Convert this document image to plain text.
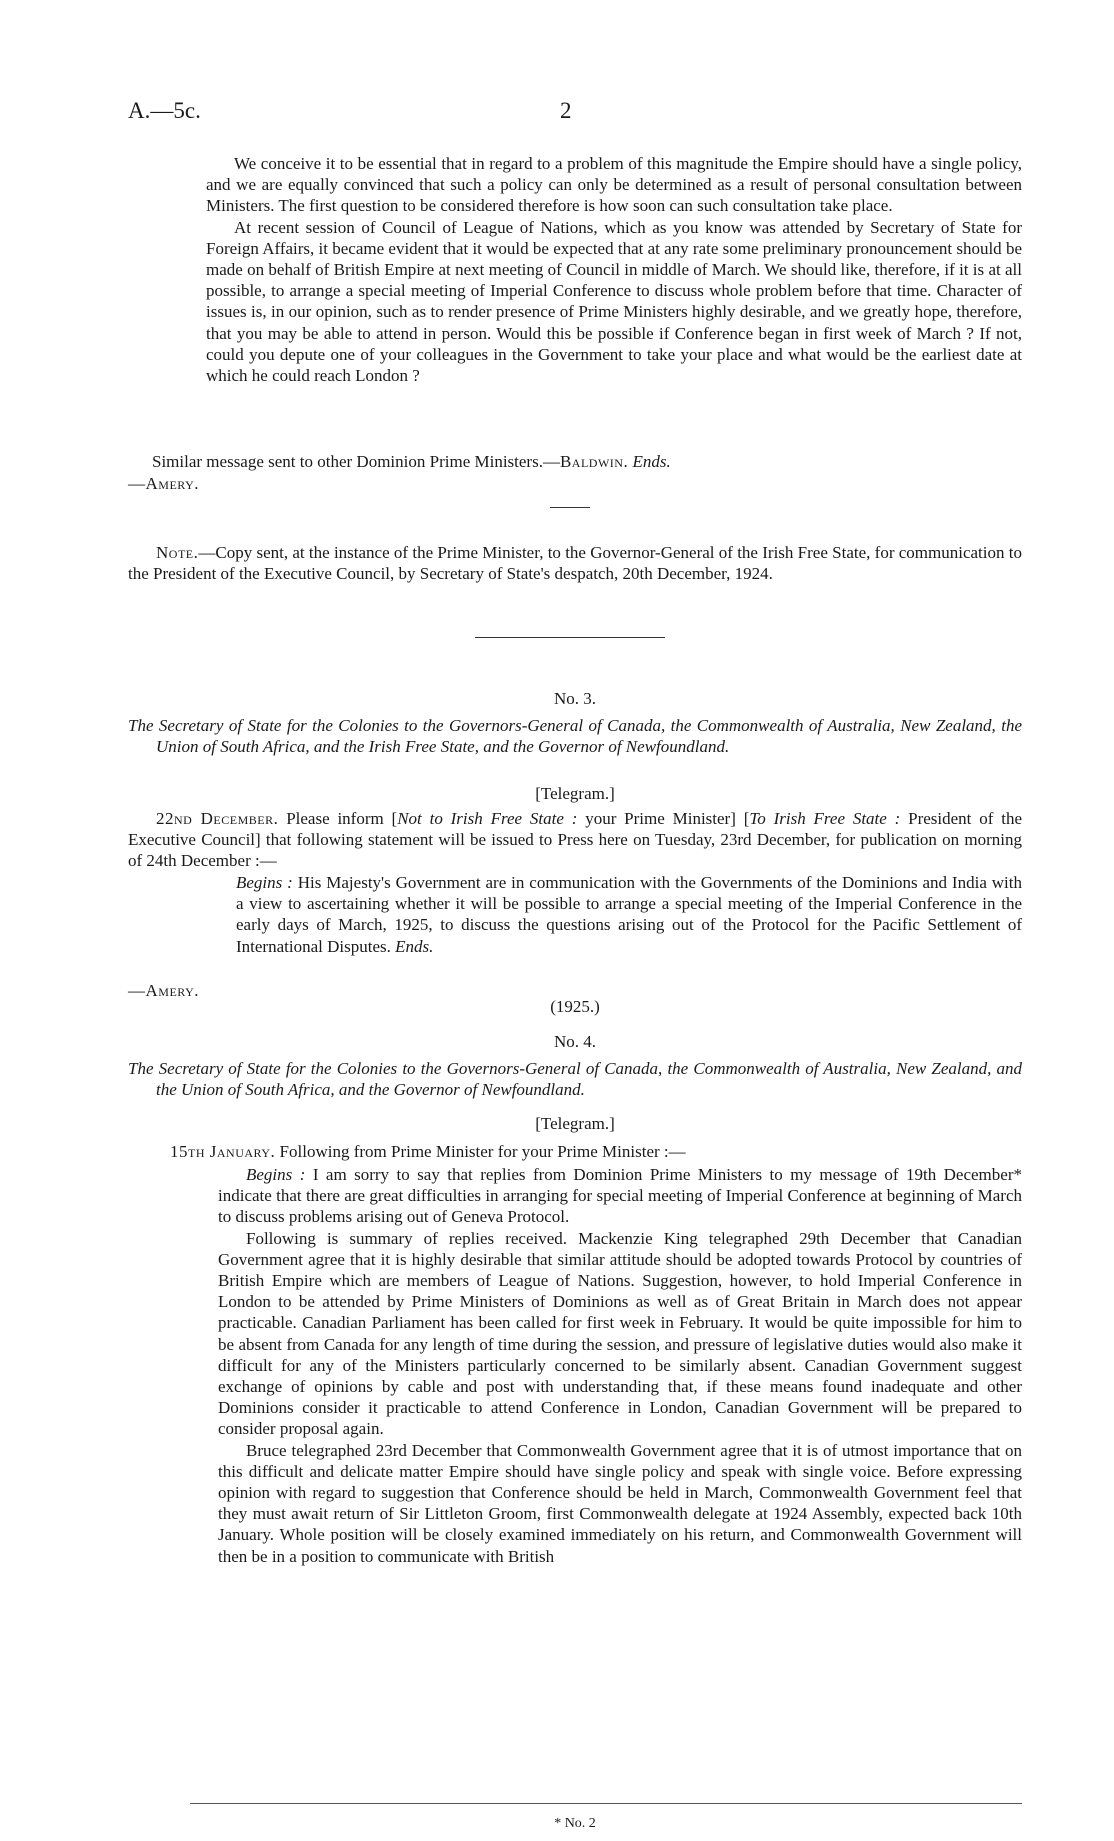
A.—5c.	2

We conceive it to be essential that in regard to a problem of this magnitude the Empire should have a single policy, and we are equally convinced that such a policy can only be determined as a result of personal consultation between Ministers. The first question to be considered therefore is how soon can such consultation take place.

At recent session of Council of League of Nations, which as you know was attended by Secretary of State for Foreign Affairs, it became evident that it would be expected that at any rate some preliminary pronouncement should be made on behalf of British Empire at next meeting of Council in middle of March. We should like, therefore, if it is at all possible, to arrange a special meeting of Imperial Conference to discuss whole problem before that time. Character of issues is, in our opinion, such as to render presence of Prime Ministers highly desirable, and we greatly hope, therefore, that you may be able to attend in person. Would this be possible if Conference began in first week of March ? If not, could you depute one of your colleagues in the Government to take your place and what would be the earliest date at which he could reach London ?

Similar message sent to other Dominion Prime Ministers.—Baldwin. Ends.
—Amery.

Note.—Copy sent, at the instance of the Prime Minister, to the Governor-General of the Irish Free State, for communication to the President of the Executive Council, by Secretary of State's despatch, 20th December, 1924.

No. 3.

The Secretary of State for the Colonies to the Governors-General of Canada, the Commonwealth of Australia, New Zealand, the Union of South Africa, and the Irish Free State, and the Governor of Newfoundland.

[Telegram.]

22nd December. Please inform [Not to Irish Free State : your Prime Minister] [To Irish Free State : President of the Executive Council] that following statement will be issued to Press here on Tuesday, 23rd December, for publication on morning of 24th December :—

Begins : His Majesty's Government are in communication with the Governments of the Dominions and India with a view to ascertaining whether it will be possible to arrange a special meeting of the Imperial Conference in the early days of March, 1925, to discuss the questions arising out of the Protocol for the Pacific Settlement of International Disputes. Ends.

—Amery.
(1925.)
No. 4.

The Secretary of State for the Colonies to the Governors-General of Canada, the Commonwealth of Australia, New Zealand, and the Union of South Africa, and the Governor of Newfoundland.

[Telegram.]
15th January. Following from Prime Minister for your Prime Minister :—

Begins : I am sorry to say that replies from Dominion Prime Ministers to my message of 19th December* indicate that there are great difficulties in arranging for special meeting of Imperial Conference at beginning of March to discuss problems arising out of Geneva Protocol.

Following is summary of replies received. Mackenzie King telegraphed 29th December that Canadian Government agree that it is highly desirable that similar attitude should be adopted towards Protocol by countries of British Empire which are members of League of Nations. Suggestion, however, to hold Imperial Conference in London to be attended by Prime Ministers of Dominions as well as of Great Britain in March does not appear practicable. Canadian Parliament has been called for first week in February. It would be quite impossible for him to be absent from Canada for any length of time during the session, and pressure of legislative duties would also make it difficult for any of the Ministers particularly concerned to be similarly absent. Canadian Government suggest exchange of opinions by cable and post with understanding that, if these means found inadequate and other Dominions consider it practicable to attend Conference in London, Canadian Government will be prepared to consider proposal again.

Bruce telegraphed 23rd December that Commonwealth Government agree that it is of utmost importance that on this difficult and delicate matter Empire should have single policy and speak with single voice. Before expressing opinion with regard to suggestion that Conference should be held in March, Commonwealth Government feel that they must await return of Sir Littleton Groom, first Commonwealth delegate at 1924 Assembly, expected back 10th January. Whole position will be closely examined immediately on his return, and Commonwealth Government will then be in a position to communicate with British

* No. 2
